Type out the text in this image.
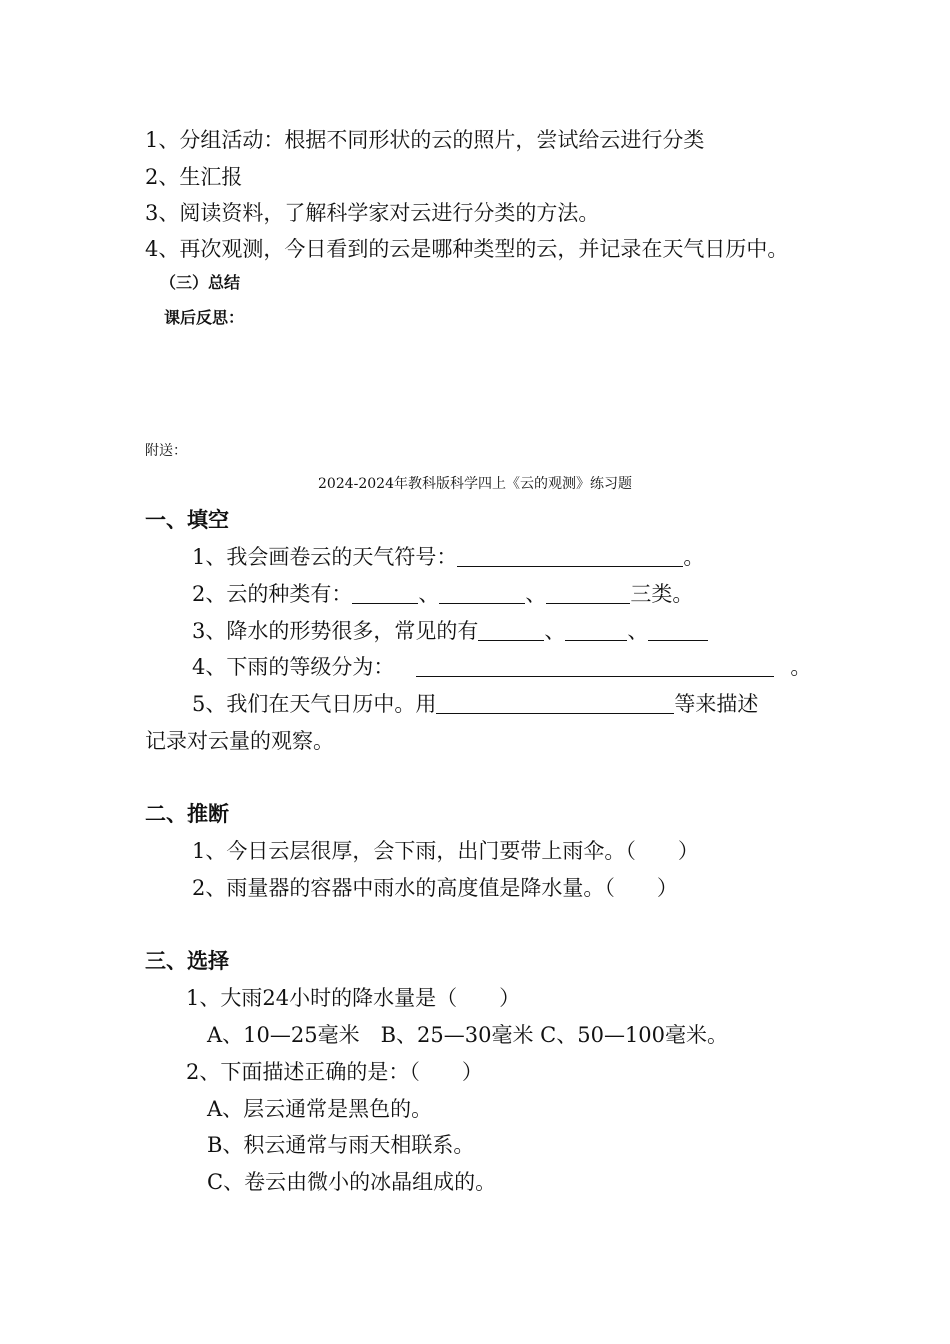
1、分组活动：根据不同形状的云的照片，尝试给云进行分类
2、生汇报
3、阅读资料，了解科学家对云进行分类的方法。
4、再次观测，今日看到的云是哪种类型的云，并记录在天气日历中。
（三）总结
课后反思：
附送：
2024-2024年教科版科学四上《云的观测》练习题
一、填空
1、我会画卷云的天气符号：	。
2、云的种类有：	、	、	三类。
3、降水的形势很多，常见的有	、	、
4、下雨的等级分为：	。
5、我们在天气日历中。用	等来描述
记录对云量的观察。
二、推断
1、今日云层很厚，会下雨，出门要带上雨伞。（　　）
2、雨量器的容器中雨水的高度值是降水量。（　　）
三、选择
1、大雨24小时的降水量是（　　）
A、10—25毫米　B、25—30毫米 C、50—100毫米。
2、下面描述正确的是：（　　）
A、层云通常是黑色的。
B、积云通常与雨天相联系。
C、卷云由微小的冰晶组成的。
